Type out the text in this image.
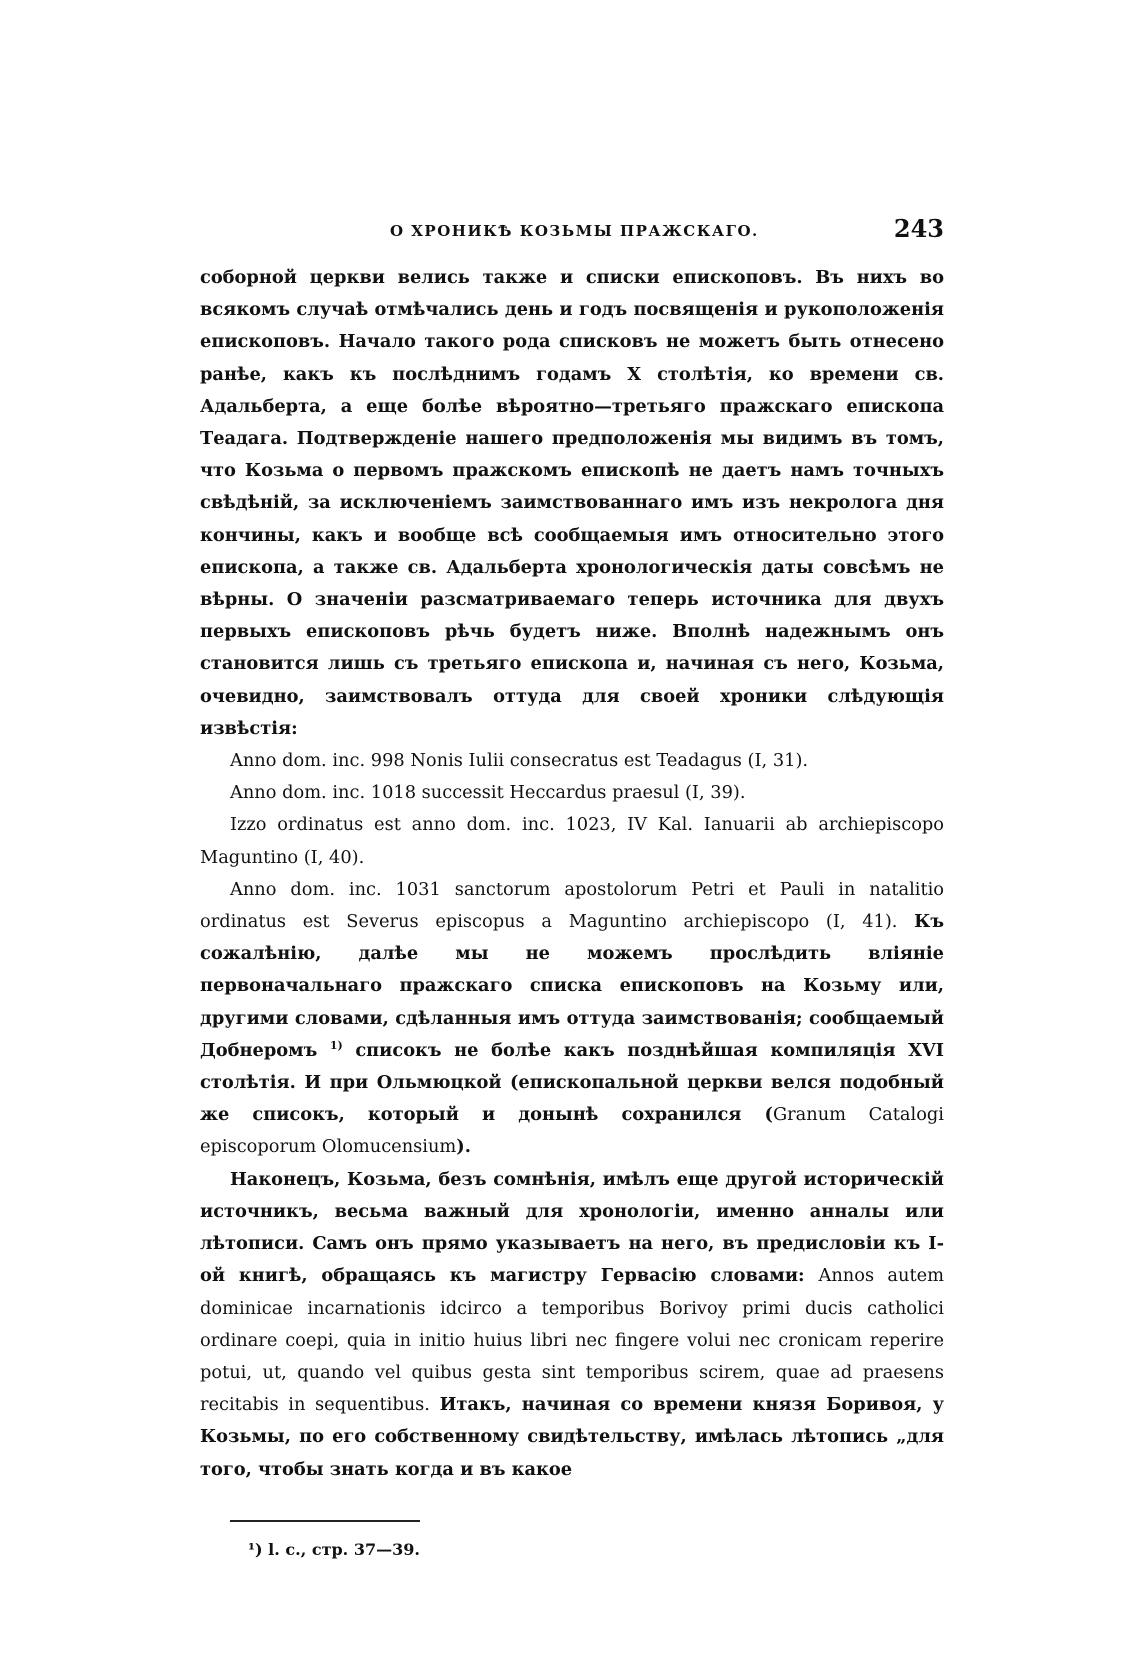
О ХРОНИКѢ КОЗЬМЫ ПРАЖСКАГО.	243

соборной церкви велись также и списки епископовъ. Въ нихъ во всякомъ случаѣ отмѣчались день и годъ посвященія и рукоположенія епископовъ. Начало такого рода списковъ не можетъ быть отнесено ранѣе, какъ къ послѣднимъ годамъ X столѣтія, ко времени св. Адальберта, а еще болѣе вѣроятно—третьяго пражскаго епископа Теадага. Подтвержденіе нашего предположенія мы видимъ въ томъ, что Козьма о первомъ пражскомъ епископѣ не даетъ намъ точныхъ свѣдѣній, за исключеніемъ заимствованнаго имъ изъ некролога дня кончины, какъ и вообще всѣ сообщаемыя имъ относительно этого епископа, а также св. Адальберта хронологическія даты совсѣмъ не вѣрны. О значеніи разсматриваемаго теперь источника для двухъ первыхъ епископовъ рѣчь будетъ ниже. Вполнѣ надежнымъ онъ становится лишь съ третьяго епископа и, начиная съ него, Козьма, очевидно, заимствовалъ оттуда для своей хроники слѣдующія извѣстія:

Anno dom. inc. 998 Nonis Iulii consecratus est Teadagus (I, 31).

Anno dom. inc. 1018 successit Heccardus praesul (I, 39).

Izzo ordinatus est anno dom. inc. 1023, IV Kal. Ianuarii ab archiepiscopo Maguntino (I, 40).

Anno dom. inc. 1031 sanctorum apostolorum Petri et Pauli in natalitio ordinatus est Severus episcopus a Maguntino archiepiscopo (I, 41). Къ сожалѣнію, далѣе мы не можемъ прослѣдить вліяніе первоначальнаго пражскаго списка епископовъ на Козьму или, другими словами, сдѣланныя имъ оттуда заимствованія; сообщаемый Добнеромъ $^{1)}$ списокъ не болѣе какъ позднѣйшая компиляція XVI столѣтія. И при Ольмюцкой (епископальной церкви велся подобный же списокъ, который и донынѣ сохранился (Granum Catalogi episcoporum Olomucensium).

Наконецъ, Козьма, безъ сомнѣнія, имѣлъ еще другой историческій источникъ, весьма важный для хронологіи, именно анналы или лѣтописи. Самъ онъ прямо указываетъ на него, въ предисловіи къ I-ой книгѣ, обращаясь къ магистру Гервасію словами: Annos autem dominicae incarnationis idcirco a temporibus Borivoy primi ducis catholici ordinare coepi, quia in initio huius libri nec fingere volui nec cronicam reperire potui, ut, quando vel quibus gesta sint temporibus scirem, quae ad praesens recitabis in sequentibus. Итакъ, начиная со времени князя Боривоя, у Козьмы, по его собственному свидѣтельству, имѣлась лѣтопись „для того, чтобы знать когда и въ какое

¹) l. c., стр. 37—39.
